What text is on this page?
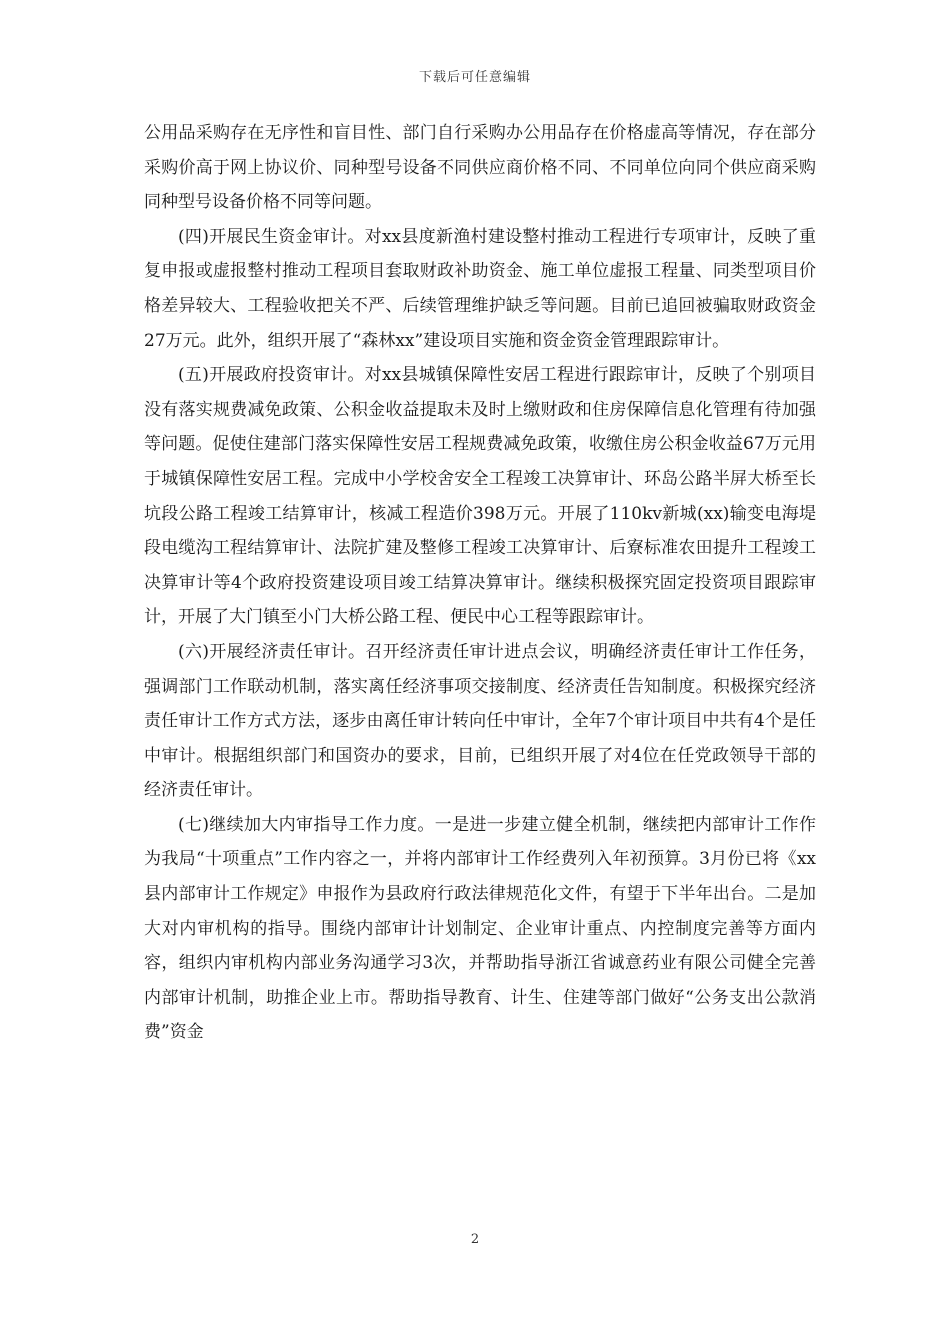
下载后可任意编辑

公用品采购存在无序性和盲目性、部门自行采购办公用品存在价格虚高等情况，存在部分采购价高于网上协议价、同种型号设备不同供应商价格不同、不同单位向同个供应商采购同种型号设备价格不同等问题。

(四)开展民生资金审计。对xx县度新渔村建设整村推动工程进行专项审计，反映了重复申报或虚报整村推动工程项目套取财政补助资金、施工单位虚报工程量、同类型项目价格差异较大、工程验收把关不严、后续管理维护缺乏等问题。目前已追回被骗取财政资金27万元。此外，组织开展了“森林xx”建设项目实施和资金资金管理跟踪审计。

(五)开展政府投资审计。对xx县城镇保障性安居工程进行跟踪审计，反映了个别项目没有落实规费减免政策、公积金收益提取未及时上缴财政和住房保障信息化管理有待加强等问题。促使住建部门落实保障性安居工程规费减免政策，收缴住房公积金收益67万元用于城镇保障性安居工程。完成中小学校舍安全工程竣工决算审计、环岛公路半屏大桥至长坑段公路工程竣工结算审计，核减工程造价398万元。开展了110kv新城(xx)输变电海堤段电缆沟工程结算审计、法院扩建及整修工程竣工决算审计、后寮标准农田提升工程竣工决算审计等4个政府投资建设项目竣工结算决算审计。继续积极探究固定投资项目跟踪审计，开展了大门镇至小门大桥公路工程、便民中心工程等跟踪审计。

(六)开展经济责任审计。召开经济责任审计进点会议，明确经济责任审计工作任务，强调部门工作联动机制，落实离任经济事项交接制度、经济责任告知制度。积极探究经济责任审计工作方式方法，逐步由离任审计转向任中审计，全年7个审计项目中共有4个是任中审计。根据组织部门和国资办的要求，目前，已组织开展了对4位在任党政领导干部的经济责任审计。

(七)继续加大内审指导工作力度。一是进一步建立健全机制，继续把内部审计工作作为我局“十项重点”工作内容之一，并将内部审计工作经费列入年初预算。3月份已将《xx县内部审计工作规定》申报作为县政府行政法律规范化文件，有望于下半年出台。二是加大对内审机构的指导。围绕内部审计计划制定、企业审计重点、内控制度完善等方面内容，组织内审机构内部业务沟通学习3次，并帮助指导浙江省诚意药业有限公司健全完善内部审计机制，助推企业上市。帮助指导教育、计生、住建等部门做好“公务支出公款消费”资金

2
